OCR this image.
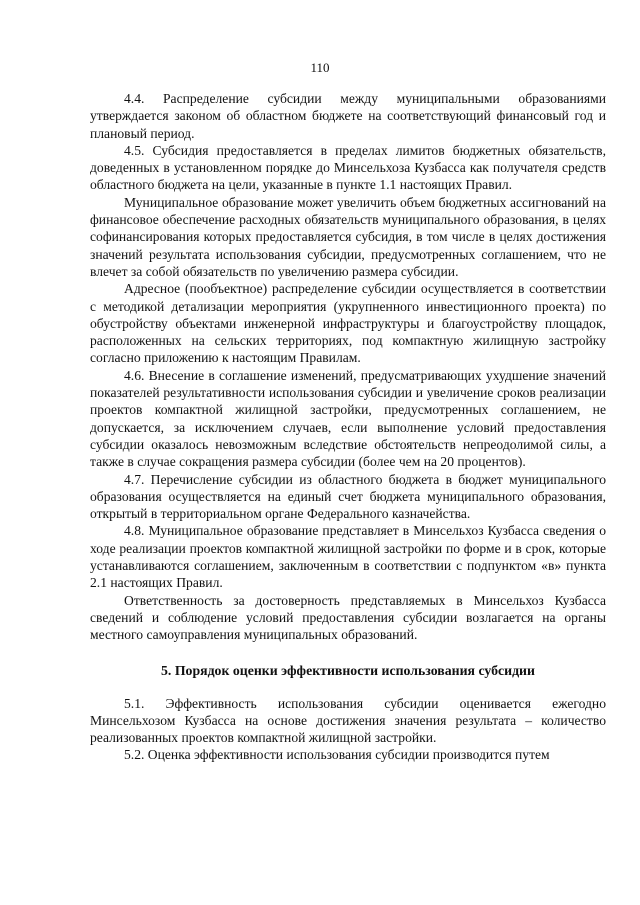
110

4.4. Распределение субсидии между муниципальными образованиями утверждается законом об областном бюджете на соответствующий финансовый год и плановый период.

4.5. Субсидия предоставляется в пределах лимитов бюджетных обязательств, доведенных в установленном порядке до Минсельхоза Кузбасса как получателя средств областного бюджета на цели, указанные в пункте 1.1 настоящих Правил.

Муниципальное образование может увеличить объем бюджетных ассигнований на финансовое обеспечение расходных обязательств муниципального образования, в целях софинансирования которых предоставляется субсидия, в том числе в целях достижения значений результата использования субсидии, предусмотренных соглашением, что не влечет за собой обязательств по увеличению размера субсидии.

Адресное (пообъектное) распределение субсидии осуществляется в соответствии с методикой детализации мероприятия (укрупненного инвестиционного проекта) по обустройству объектами инженерной инфраструктуры и благоустройству площадок, расположенных на сельских территориях, под компактную жилищную застройку согласно приложению к настоящим Правилам.

4.6. Внесение в соглашение изменений, предусматривающих ухудшение значений показателей результативности использования субсидии и увеличение сроков реализации проектов компактной жилищной застройки, предусмотренных соглашением, не допускается, за исключением случаев, если выполнение условий предоставления субсидии оказалось невозможным вследствие обстоятельств непреодолимой силы, а также в случае сокращения размера субсидии (более чем на 20 процентов).

4.7. Перечисление субсидии из областного бюджета в бюджет муниципального образования осуществляется на единый счет бюджета муниципального образования, открытый в территориальном органе Федерального казначейства.

4.8. Муниципальное образование представляет в Минсельхоз Кузбасса сведения о ходе реализации проектов компактной жилищной застройки по форме и в срок, которые устанавливаются соглашением, заключенным в соответствии с подпунктом «в» пункта 2.1 настоящих Правил.

Ответственность за достоверность представляемых в Минсельхоз Кузбасса сведений и соблюдение условий предоставления субсидии возлагается на органы местного самоуправления муниципальных образований.

5. Порядок оценки эффективности использования субсидии

5.1. Эффективность использования субсидии оценивается ежегодно Минсельхозом Кузбасса на основе достижения значения результата – количество реализованных проектов компактной жилищной застройки.

5.2. Оценка эффективности использования субсидии производится путем
